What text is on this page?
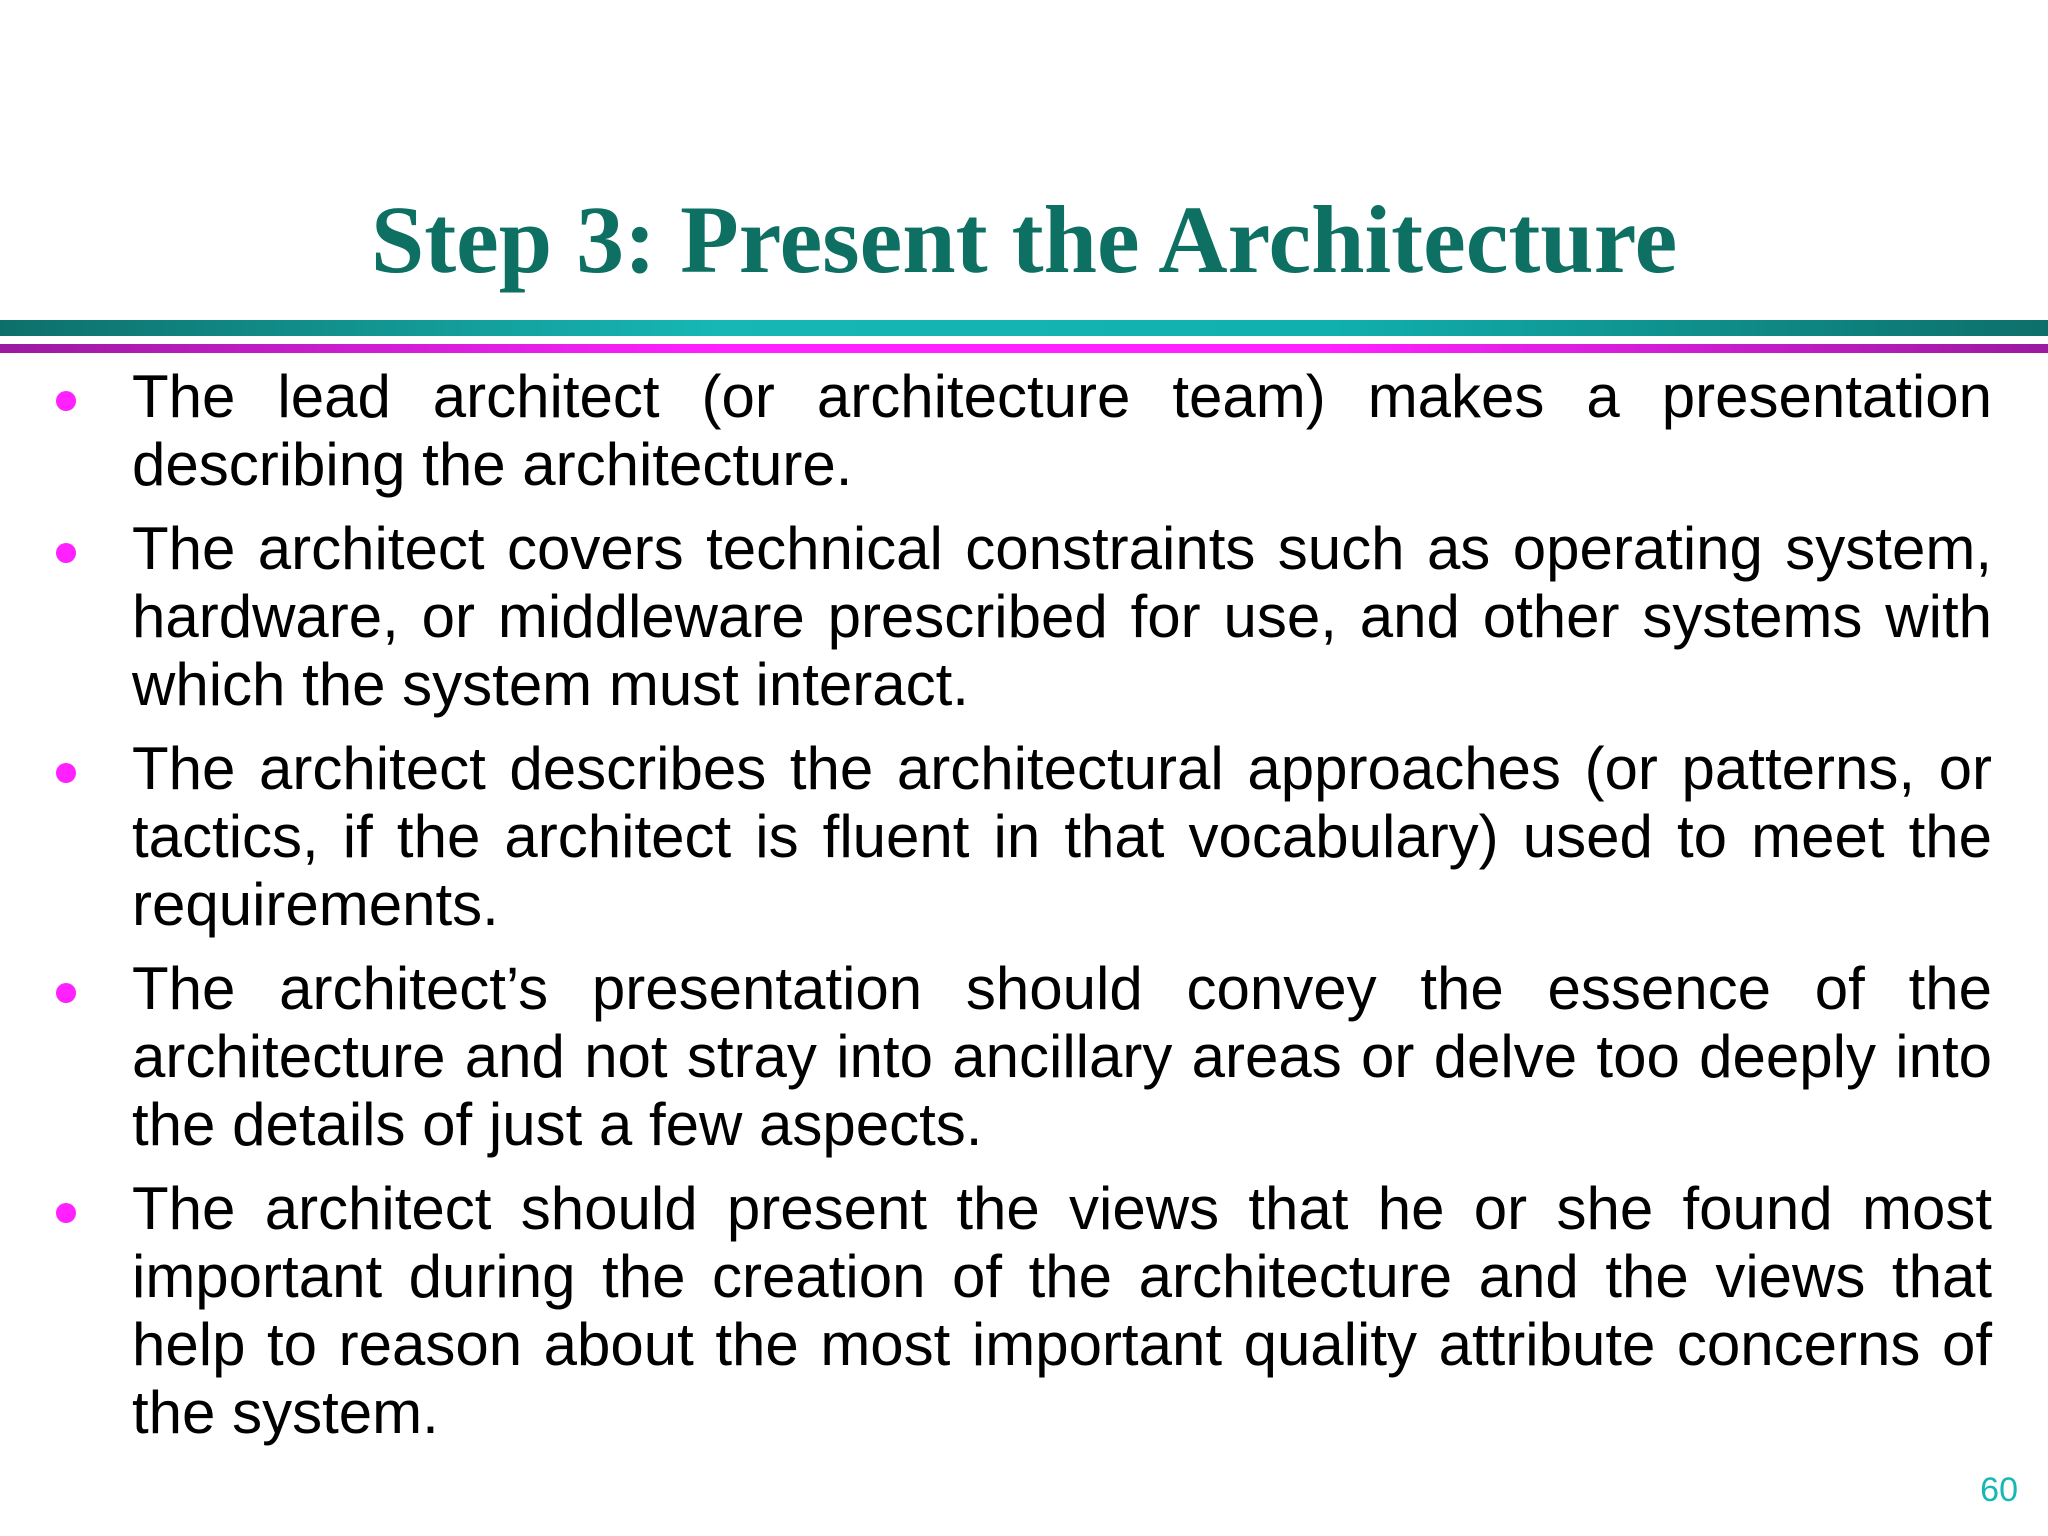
Step 3: Present the Architecture
The lead architect (or architecture team) makes a presentation describing the architecture.
The architect covers technical constraints such as operating system, hardware, or middleware prescribed for use, and other systems with which the system must interact.
The architect describes the architectural approaches (or patterns, or tactics, if the architect is fluent in that vocabulary) used to meet the requirements.
The architect’s presentation should convey the essence of the architecture and not stray into ancillary areas or delve too deeply into the details of just a few aspects.
The architect should present the views that he or she found most important during the creation of the architecture and the views that help to reason about the most important quality attribute concerns of the system.
60
